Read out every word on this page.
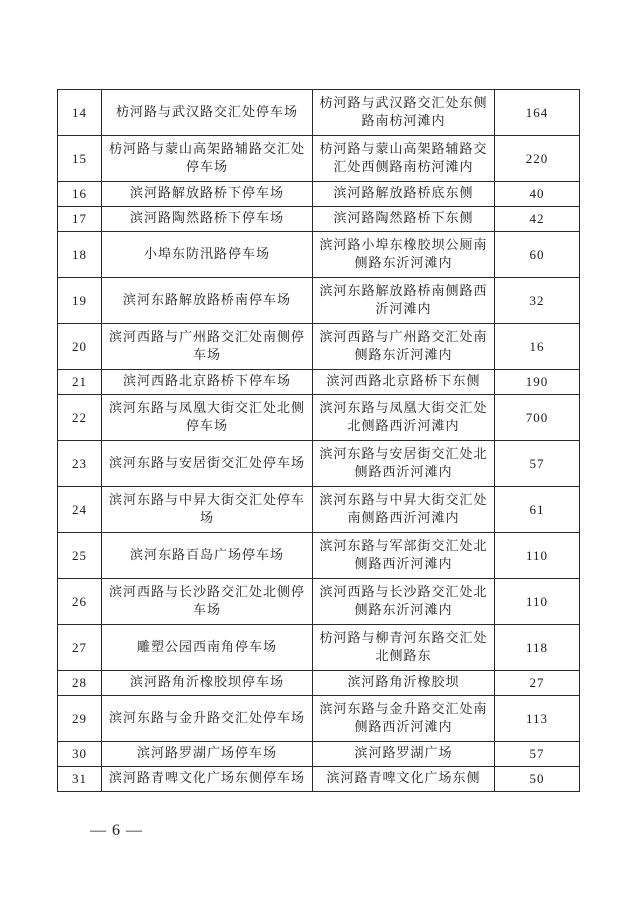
14	枋河路与武汉路交汇处停车场	枋河路与武汉路交汇处东侧路南枋河滩内	164
15	枋河路与蒙山高架路辅路交汇处停车场	枋河路与蒙山高架路辅路交汇处西侧路南枋河滩内	220
16	滨河路解放路桥下停车场	滨河路解放路桥底东侧	40
17	滨河路陶然路桥下停车场	滨河路陶然路桥下东侧	42
18	小埠东防汛路停车场	滨河路小埠东橡胶坝公厕南侧路东沂河滩内	60
19	滨河东路解放路桥南停车场	滨河东路解放路桥南侧路西沂河滩内	32
20	滨河西路与广州路交汇处南侧停车场	滨河西路与广州路交汇处南侧路东沂河滩内	16
21	滨河西路北京路桥下停车场	滨河西路北京路桥下东侧	190
22	滨河东路与凤凰大街交汇处北侧停车场	滨河东路与凤凰大街交汇处北侧路西沂河滩内	700
23	滨河东路与安居街交汇处停车场	滨河东路与安居街交汇处北侧路西沂河滩内	57
24	滨河东路与中昇大街交汇处停车场	滨河东路与中昇大街交汇处南侧路西沂河滩内	61
25	滨河东路百岛广场停车场	滨河东路与军部街交汇处北侧路西沂河滩内	110
26	滨河西路与长沙路交汇处北侧停车场	滨河西路与长沙路交汇处北侧路东沂河滩内	110
27	雕塑公园西南角停车场	枋河路与柳青河东路交汇处北侧路东	118
28	滨河路角沂橡胶坝停车场	滨河路角沂橡胶坝	27
29	滨河东路与金升路交汇处停车场	滨河东路与金升路交汇处南侧路西沂河滩内	113
30	滨河路罗湖广场停车场	滨河路罗湖广场	57
31	滨河路青啤文化广场东侧停车场	滨河路青啤文化广场东侧	50
— 6 —
